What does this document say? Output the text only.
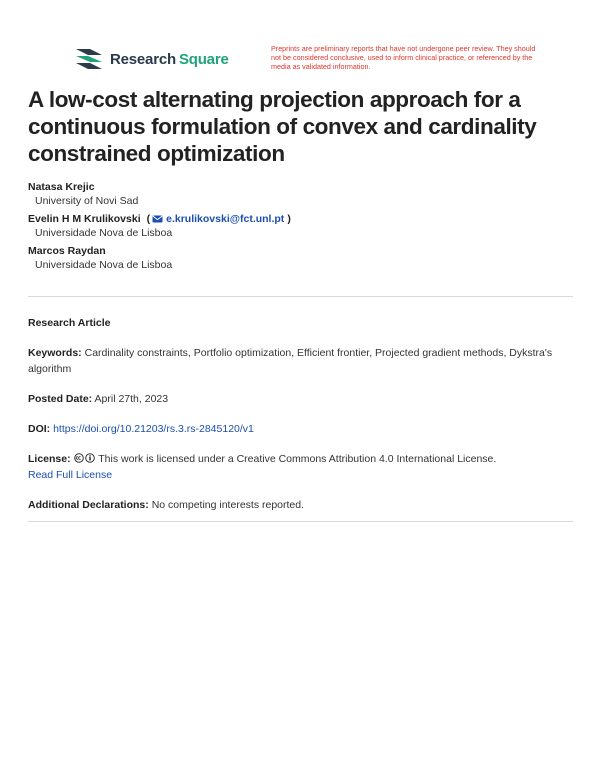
Research Square
Preprints are preliminary reports that have not undergone peer review. They should not be considered conclusive, used to inform clinical practice, or referenced by the media as validated information.
A low-cost alternating projection approach for a continuous formulation of convex and cardinality constrained optimization
Natasa Krejic
University of Novi Sad
Evelin H M Krulikovski ( e.krulikovski@fct.unl.pt )
Universidade Nova de Lisboa
Marcos Raydan
Universidade Nova de Lisboa
Research Article
Keywords: Cardinality constraints, Portfolio optimization, Efficient frontier, Projected gradient methods, Dykstra's algorithm
Posted Date: April 27th, 2023
DOI: https://doi.org/10.21203/rs.3.rs-2845120/v1
License:	This work is licensed under a Creative Commons Attribution 4.0 International License.
Read Full License
Additional Declarations: No competing interests reported.
